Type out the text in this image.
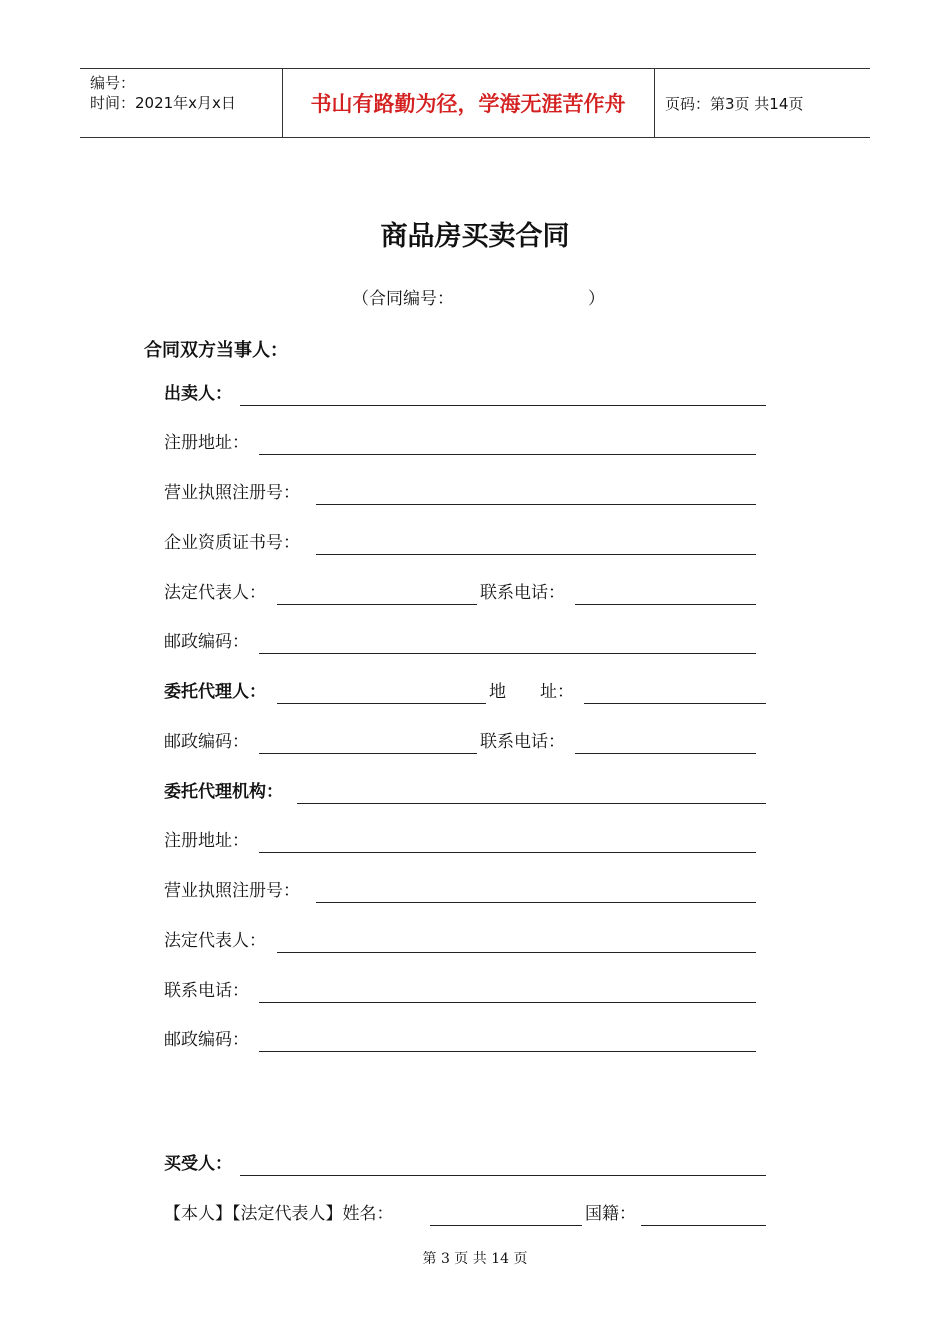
编号：
时间：2021年x月x日	书山有路勤为径，学海无涯苦作舟	页码：第3页 共14页
商品房买卖合同
（合同编号：	）
合同双方当事人：
出卖人：
注册地址：
营业执照注册号：
企业资质证书号：
法定代表人：	联系电话：
邮政编码：
委托代理人：	地　　址：
邮政编码：	联系电话：
委托代理机构：
注册地址：
营业执照注册号：
法定代表人：
联系电话：
邮政编码：
买受人：
【本人】【法定代表人】姓名：	国籍：
第 3 页 共 14 页
